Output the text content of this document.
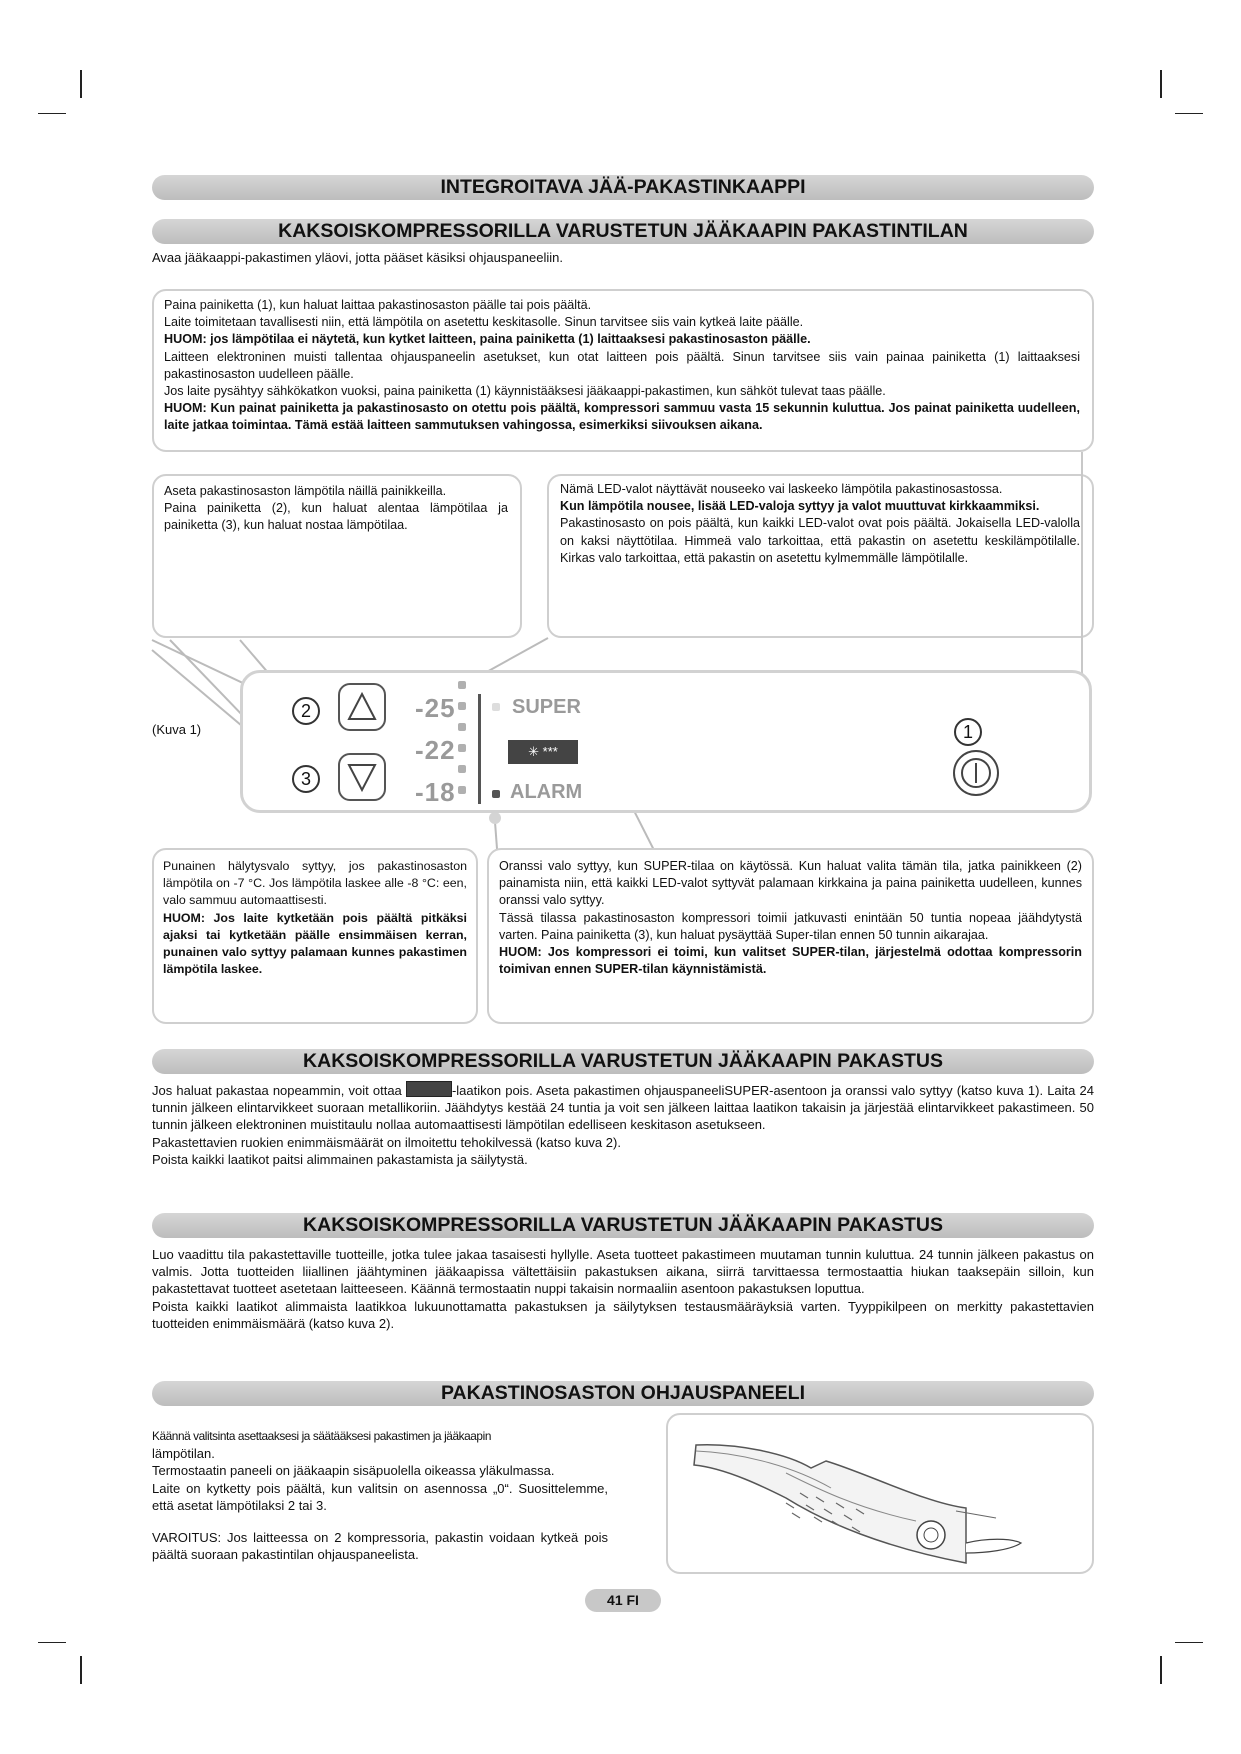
INTEGROITAVA JÄÄ-PAKASTINKAAPPI
KAKSOISKOMPRESSORILLA VARUSTETUN JÄÄKAAPIN PAKASTINTILAN
Avaa jääkaappi-pakastimen yläovi, jotta pääset käsiksi ohjauspaneeliin.

Paina painiketta (1), kun haluat laittaa pakastinosaston päälle tai pois päältä.

Laite toimitetaan tavallisesti niin, että lämpötila on asetettu keskitasolle. Sinun tarvitsee siis vain kytkeä laite päälle.

HUOM: jos lämpötilaa ei näytetä, kun kytket laitteen, paina painiketta (1) laittaaksesi pakastinosaston päälle.

Laitteen elektroninen muisti tallentaa ohjauspaneelin asetukset, kun otat laitteen pois päältä. Sinun tarvitsee siis vain painaa painiketta (1) laittaaksesi pakastinosaston uudelleen päälle.

Jos laite pysähtyy sähkökatkon vuoksi, paina painiketta (1) käynnistääksesi jääkaappi-pakastimen, kun sähköt tulevat taas päälle.

HUOM: Kun painat painiketta ja pakastinosasto on otettu pois päältä, kompressori sammuu vasta 15 sekunnin kuluttua. Jos painat painiketta uudelleen, laite jatkaa toimintaa. Tämä estää laitteen sammutuksen vahingossa, esimerkiksi siivouksen aikana.

Aseta pakastinosaston lämpötila näillä painikkeilla.

Paina painiketta (2), kun haluat alentaa lämpötilaa ja painiketta (3), kun haluat nostaa lämpötilaa.

Nämä LED-valot näyttävät nouseeko vai laskeeko lämpötila pakastinosastossa.

Kun lämpötila nousee, lisää LED-valoja syttyy ja valot muuttuvat kirkkaammiksi.

Pakastinosasto on pois päältä, kun kaikki LED-valot ovat pois päältä. Jokaisella LED-valolla on kaksi näyttötilaa. Himmeä valo tarkoittaa, että pakastin on asetettu keskilämpötilalle. Kirkas valo tarkoittaa, että pakastin on asetettu kylmemmälle lämpötilalle.

(Kuva 1)
2
3
-25
-22
-18
SUPER
✳ ***
ALARM
1

Punainen hälytysvalo syttyy, jos pakastinosaston lämpötila on -7 °C. Jos lämpötila laskee alle -8 °C: een, valo sammuu automaattisesti.

HUOM: Jos laite kytketään pois päältä pitkäksi ajaksi tai kytketään päälle ensimmäisen kerran, punainen valo syttyy palamaan kunnes pakastimen lämpötila laskee.

Oranssi valo syttyy, kun SUPER-tilaa on käytössä. Kun haluat valita tämän tila, jatka painikkeen (2) painamista niin, että kaikki LED-valot syttyvät palamaan kirkkaina ja paina painiketta uudelleen, kunnes oranssi valo syttyy.

Tässä tilassa pakastinosaston kompressori toimii jatkuvasti enintään 50 tuntia nopeaa jäähdytystä varten. Paina painiketta (3), kun haluat pysäyttää Super-tilan ennen 50 tunnin aikarajaa.

HUOM: Jos kompressori ei toimi, kun valitset SUPER-tilan, järjestelmä odottaa kompressorin toimivan ennen SUPER-tilan käynnistämistä.

KAKSOISKOMPRESSORILLA VARUSTETUN JÄÄKAAPIN PAKASTUS

Jos haluat pakastaa nopeammin, voit ottaa	-laatikon pois. Aseta pakastimen ohjauspaneeliSUPER-asentoon ja oranssi valo syttyy (katso kuva 1). Laita 24 tunnin jälkeen elintarvikkeet suoraan metallikoriin. Jäähdytys kestää 24 tuntia ja voit sen jälkeen laittaa laatikon takaisin ja järjestää elintarvikkeet pakastimeen. 50 tunnin jälkeen elektroninen muistitaulu nollaa automaattisesti lämpötilan edelliseen keskitason asetukseen.

Pakastettavien ruokien enimmäismäärät on ilmoitettu tehokilvessä (katso kuva 2).

Poista kaikki laatikot paitsi alimmainen pakastamista ja säilytystä.

KAKSOISKOMPRESSORILLA VARUSTETUN JÄÄKAAPIN PAKASTUS

Luo vaadittu tila pakastettaville tuotteille, jotka tulee jakaa tasaisesti hyllylle. Aseta tuotteet pakastimeen muutaman tunnin kuluttua. 24 tunnin jälkeen pakastus on valmis. Jotta tuotteiden liiallinen jäähtyminen jääkaapissa vältettäisiin pakastuksen aikana, siirrä tarvittaessa termostaattia hiukan taaksepäin silloin, kun pakastettavat tuotteet asetetaan laitteeseen. Käännä termostaatin nuppi takaisin normaaliin asentoon pakastuksen loputtua.

Poista kaikki laatikot alimmaista laatikkoa lukuunottamatta pakastuksen ja säilytyksen testausmääräyksiä varten. Tyyppikilpeen on merkitty pakastettavien tuotteiden enimmäismäärä (katso kuva 2).

PAKASTINOSASTON OHJAUSPANEELI

Käännä valitsinta asettaaksesi ja säätääksesi pakastimen ja jääkaapin

lämpötilan.

Termostaatin paneeli on jääkaapin sisäpuolella oikeassa yläkulmassa.

Laite on kytketty pois päältä, kun valitsin on asennossa „0“. Suosittelemme, että asetat lämpötilaksi 2 tai 3.

VAROITUS: Jos laitteessa on 2 kompressoria, pakastin voidaan kytkeä pois päältä suoraan pakastintilan ohjauspaneelista.

41 FI
